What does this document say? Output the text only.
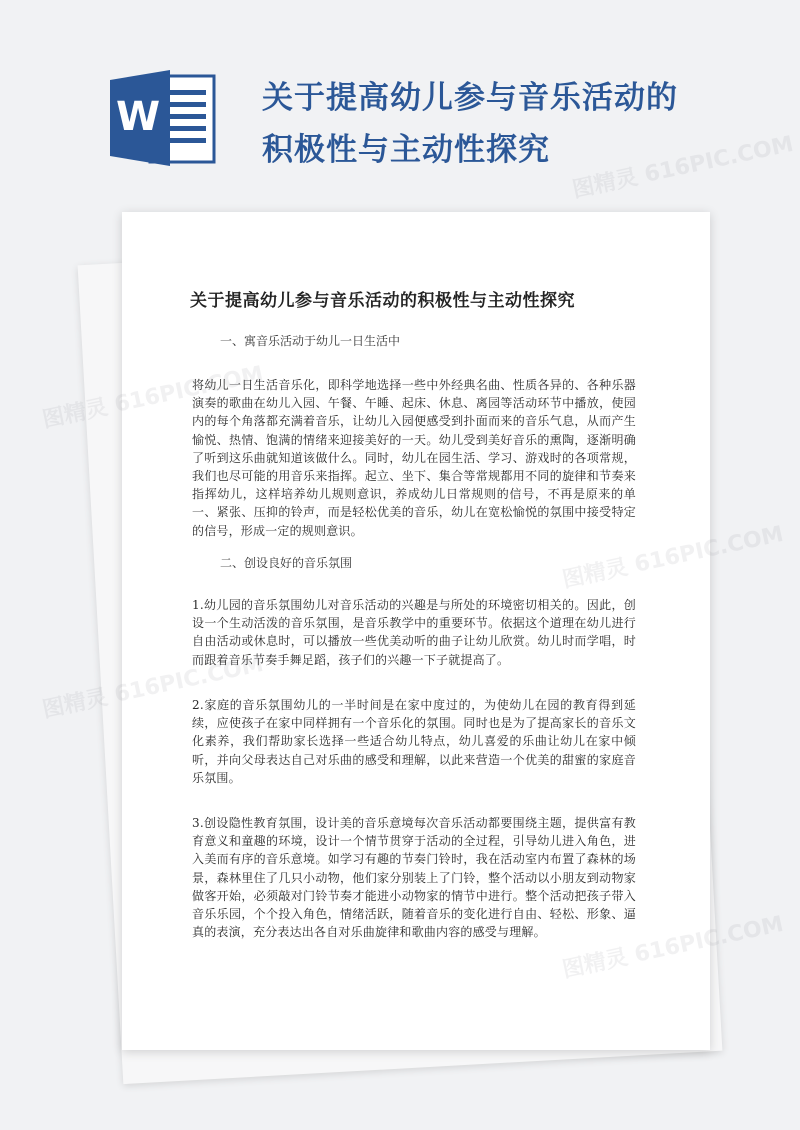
W	关于提高幼儿参与音乐活动的
积极性与主动性探究
关于提高幼儿参与音乐活动的积极性与主动性探究

一、寓音乐活动于幼儿一日生活中

将幼儿一日生活音乐化，即科学地选择一些中外经典名曲、性质各异的、各种乐器演奏的歌曲在幼儿入园、午餐、午睡、起床、休息、离园等活动环节中播放，使园内的每个角落都充满着音乐，让幼儿入园便感受到扑面而来的音乐气息，从而产生愉悦、热情、饱满的情绪来迎接美好的一天。幼儿受到美好音乐的熏陶，逐渐明确了听到这乐曲就知道该做什么。同时，幼儿在园生活、学习、游戏时的各项常规，我们也尽可能的用音乐来指挥。起立、坐下、集合等常规都用不同的旋律和节奏来指挥幼儿，这样培养幼儿规则意识，养成幼儿日常规则的信号，不再是原来的单一、紧张、压抑的铃声，而是轻松优美的音乐，幼儿在宽松愉悦的氛围中接受特定的信号，形成一定的规则意识。

二、创设良好的音乐氛围

1.幼儿园的音乐氛围幼儿对音乐活动的兴趣是与所处的环境密切相关的。因此，创设一个生动活泼的音乐氛围，是音乐教学中的重要环节。依据这个道理在幼儿进行自由活动或休息时，可以播放一些优美动听的曲子让幼儿欣赏。幼儿时而学唱，时而跟着音乐节奏手舞足蹈，孩子们的兴趣一下子就提高了。

2.家庭的音乐氛围幼儿的一半时间是在家中度过的，为使幼儿在园的教育得到延续，应使孩子在家中同样拥有一个音乐化的氛围。同时也是为了提高家长的音乐文化素养，我们帮助家长选择一些适合幼儿特点，幼儿喜爱的乐曲让幼儿在家中倾听，并向父母表达自己对乐曲的感受和理解，以此来营造一个优美的甜蜜的家庭音乐氛围。

3.创设隐性教育氛围，设计美的音乐意境每次音乐活动都要围绕主题，提供富有教育意义和童趣的环境，设计一个情节贯穿于活动的全过程，引导幼儿进入角色，进入美而有序的音乐意境。如学习有趣的节奏门铃时，我在活动室内布置了森林的场景，森林里住了几只小动物，他们家分别装上了门铃，整个活动以小朋友到动物家做客开始，必须敲对门铃节奏才能进小动物家的情节中进行。整个活动把孩子带入音乐乐园，个个投入角色，情绪活跃，随着音乐的变化进行自由、轻松、形象、逼真的表演，充分表达出各自对乐曲旋律和歌曲内容的感受与理解。

图精灵 616PIC.COM
图精灵
图精灵
